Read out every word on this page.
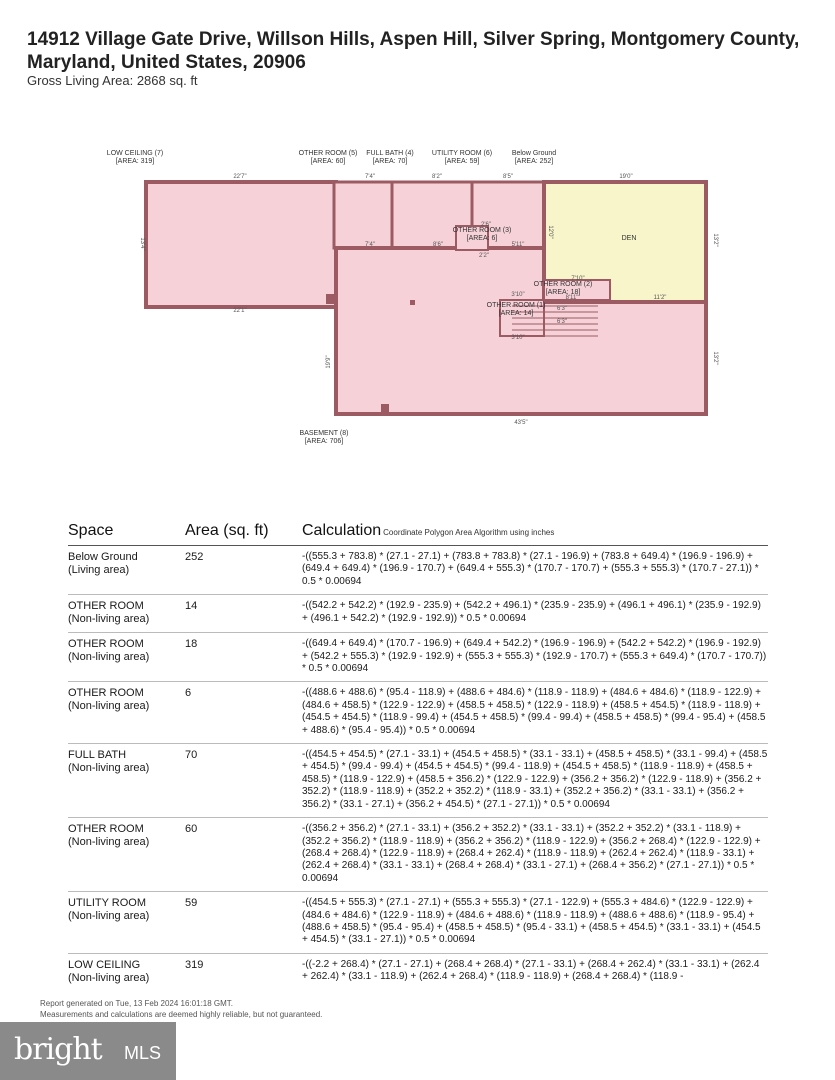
14912 Village Gate Drive, Willson Hills, Aspen Hill, Silver Spring, Montgomery County, Maryland, United States, 20906
Gross Living Area: 2868 sq. ft
LOW CEILING (7)
[AREA: 319]
OTHER ROOM (5)
[AREA: 60]
FULL BATH (4)
[AREA: 70]
UTILITY ROOM (6)
[AREA: 59]
Below Ground
[AREA: 252]
OTHER ROOM (3)
[AREA: 6]	DEN
OTHER ROOM (2)
[AREA: 18]
OTHER ROOM (1)
[AREA: 14]
BASEMENT (8)
[AREA: 706]
22'7"	7'4"	8'2"	8'5"	19'0"
13'4"
22'1"
7'4"	8'6"	5'11"
2'6"
2'2"
13'2"
12'0"
7'10"
8'11"	11'2"
3'10"
6'3"
6'3"
3'10"
19'9"	13'2"
43'5"
Space	Area (sq. ft) Calculation Coordinate Polygon Area Algorithm using inches
Below Ground
(Living area)
252	-((555.3 + 783.8) * (27.1 - 27.1) + (783.8 + 783.8) * (27.1 - 196.9) + (783.8 + 649.4) * (196.9 - 196.9) + (649.4 + 649.4) * (196.9 - 170.7) + (649.4 + 555.3) * (170.7 - 170.7) + (555.3 + 555.3) * (170.7 - 27.1)) * 0.5 * 0.00694
OTHER ROOM
(Non-living area)
14	-((542.2 + 542.2) * (192.9 - 235.9) + (542.2 + 496.1) * (235.9 - 235.9) + (496.1 + 496.1) * (235.9 - 192.9) + (496.1 + 542.2) * (192.9 - 192.9)) * 0.5 * 0.00694
OTHER ROOM
(Non-living area)
18	-((649.4 + 649.4) * (170.7 - 196.9) + (649.4 + 542.2) * (196.9 - 196.9) + (542.2 + 542.2) * (196.9 - 192.9) + (542.2 + 555.3) * (192.9 - 192.9) + (555.3 + 555.3) * (192.9 - 170.7) + (555.3 + 649.4) * (170.7 - 170.7)) * 0.5 * 0.00694
OTHER ROOM
(Non-living area)
6	-((488.6 + 488.6) * (95.4 - 118.9) + (488.6 + 484.6) * (118.9 - 118.9) + (484.6 + 484.6) * (118.9 - 122.9) + (484.6 + 458.5) * (122.9 - 122.9) + (458.5 + 458.5) * (122.9 - 118.9) + (458.5 + 454.5) * (118.9 - 118.9) + (454.5 + 454.5) * (118.9 - 99.4) + (454.5 + 458.5) * (99.4 - 99.4) + (458.5 + 458.5) * (99.4 - 95.4) + (458.5 + 488.6) * (95.4 - 95.4)) * 0.5 * 0.00694
FULL BATH
(Non-living area)
70	-((454.5 + 454.5) * (27.1 - 33.1) + (454.5 + 458.5) * (33.1 - 33.1) + (458.5 + 458.5) * (33.1 - 99.4) + (458.5 + 454.5) * (99.4 - 99.4) + (454.5 + 454.5) * (99.4 - 118.9) + (454.5 + 458.5) * (118.9 - 118.9) + (458.5 + 458.5) * (118.9 - 122.9) + (458.5 + 356.2) * (122.9 - 122.9) + (356.2 + 356.2) * (122.9 - 118.9) + (356.2 + 352.2) * (118.9 - 118.9) + (352.2 + 352.2) * (118.9 - 33.1) + (352.2 + 356.2) * (33.1 - 33.1) + (356.2 + 356.2) * (33.1 - 27.1) + (356.2 + 454.5) * (27.1 - 27.1)) * 0.5 * 0.00694
OTHER ROOM
(Non-living area)
60	-((356.2 + 356.2) * (27.1 - 33.1) + (356.2 + 352.2) * (33.1 - 33.1) + (352.2 + 352.2) * (33.1 - 118.9) + (352.2 + 356.2) * (118.9 - 118.9) + (356.2 + 356.2) * (118.9 - 122.9) + (356.2 + 268.4) * (122.9 - 122.9) + (268.4 + 268.4) * (122.9 - 118.9) + (268.4 + 262.4) * (118.9 - 118.9) + (262.4 + 262.4) * (118.9 - 33.1) + (262.4 + 268.4) * (33.1 - 33.1) + (268.4 + 268.4) * (33.1 - 27.1) + (268.4 + 356.2) * (27.1 - 27.1)) * 0.5 * 0.00694
UTILITY ROOM
(Non-living area)
59	-((454.5 + 555.3) * (27.1 - 27.1) + (555.3 + 555.3) * (27.1 - 122.9) + (555.3 + 484.6) * (122.9 - 122.9) + (484.6 + 484.6) * (122.9 - 118.9) + (484.6 + 488.6) * (118.9 - 118.9) + (488.6 + 488.6) * (118.9 - 95.4) + (488.6 + 458.5) * (95.4 - 95.4) + (458.5 + 458.5) * (95.4 - 33.1) + (458.5 + 454.5) * (33.1 - 33.1) + (454.5 + 454.5) * (33.1 - 27.1)) * 0.5 * 0.00694
LOW CEILING
(Non-living area)
319	-((-2.2 + 268.4) * (27.1 - 27.1) + (268.4 + 268.4) * (27.1 - 33.1) + (268.4 + 262.4) * (33.1 - 33.1) + (262.4 + 262.4) * (33.1 - 118.9) + (262.4 + 268.4) * (118.9 - 118.9) + (268.4 + 268.4) * (118.9 -
Report generated on Tue, 13 Feb 2024 16:01:18 GMT.
Measurements and calculations are deemed highly reliable, but not guaranteed.
bright MLS
